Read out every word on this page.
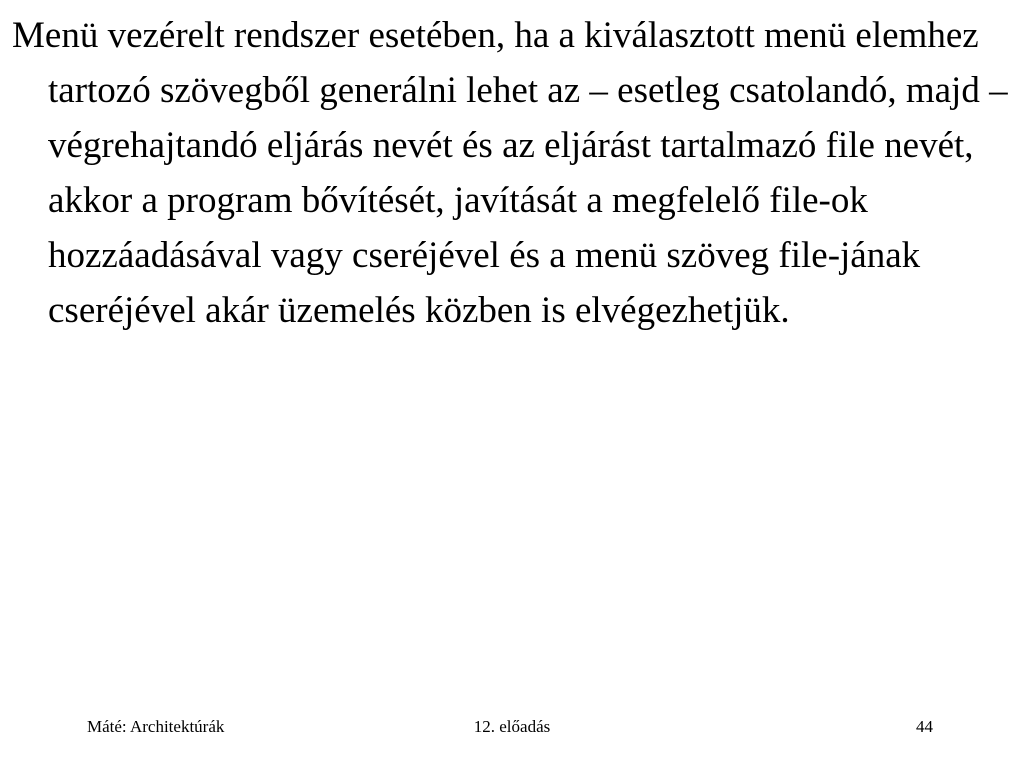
Menü vezérelt rendszer esetében, ha a kiválasztott menü elemhez tartozó szövegből generálni lehet az – esetleg csatolandó, majd – végrehajtandó eljárás nevét és az eljárást tartalmazó file nevét, akkor a program bővítését, javítását a megfelelő file-ok hozzáadásával vagy cseréjével és a menü szöveg file-jának cseréjével akár üzemelés közben is elvégezhetjük.

Máté: Architektúrák	12. előadás	44
